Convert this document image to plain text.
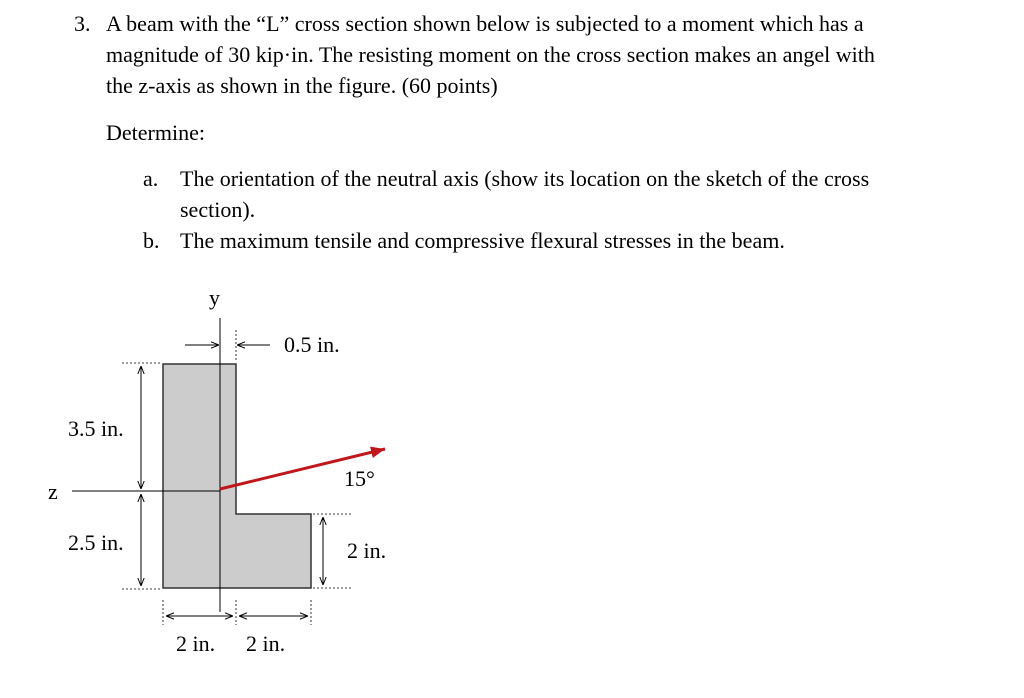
3. A beam with the “L” cross section shown below is subjected to a moment which has a
magnitude of 30 kip·in. The resisting moment on the cross section makes an angel with
the z-axis as shown in the figure. (60 points)
Determine:
a. The orientation of the neutral axis (show its location on the sketch of the cross
section).
b. The maximum tensile and compressive flexural stresses in the beam.
y
z
0.5 in.
3.5 in.
2.5 in.	2 in.
2 in. 2 in.
15°
